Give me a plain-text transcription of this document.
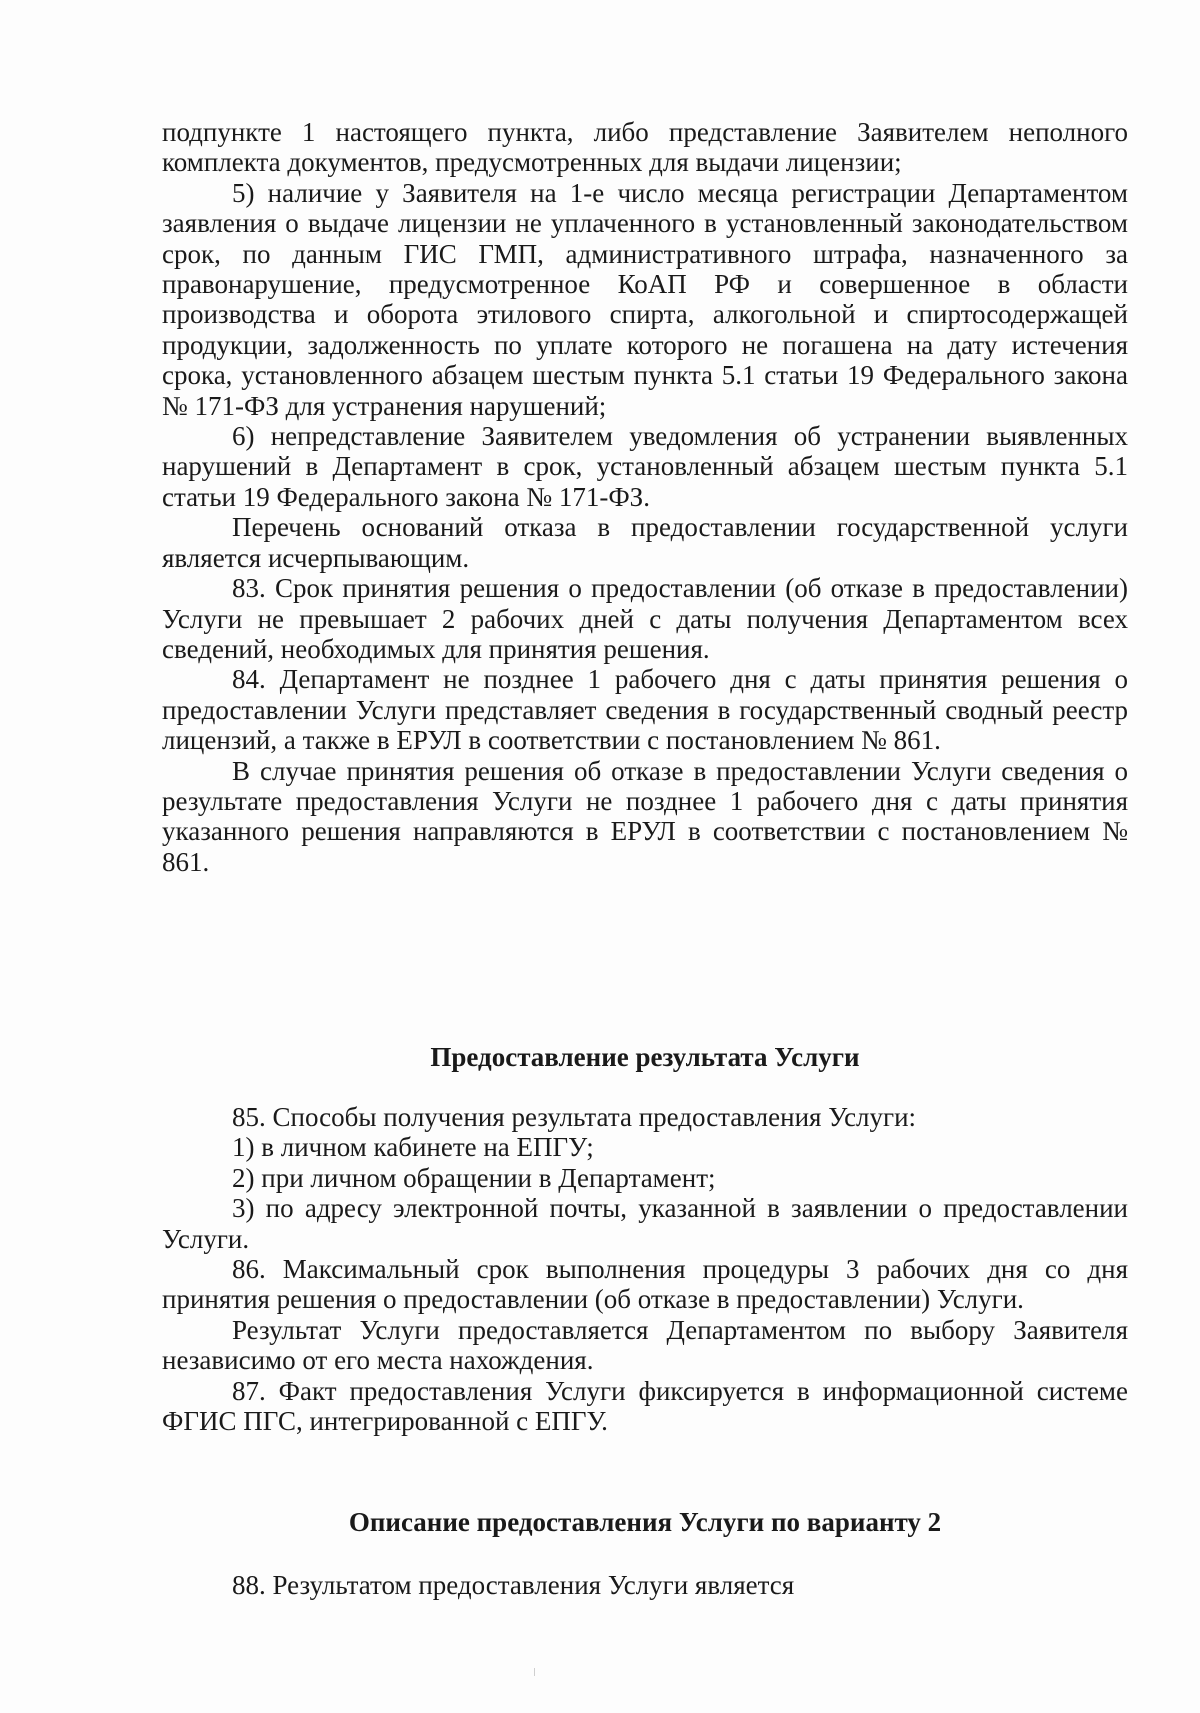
подпункте 1 настоящего пункта, либо представление Заявителем неполного комплекта документов, предусмотренных для выдачи лицензии;

5) наличие у Заявителя на 1-е число месяца регистрации Департаментом заявления о выдаче лицензии не уплаченного в установленный законодательством срок, по данным ГИС ГМП, административного штрафа, назначенного за правонарушение, предусмотренное КоАП РФ и совершенное в области производства и оборота этилового спирта, алкогольной и спиртосодержащей продукции, задолженность по уплате которого не погашена на дату истечения срока, установленного абзацем шестым пункта 5.1 статьи 19 Федерального закона № 171-ФЗ для устранения нарушений;

6) непредставление Заявителем уведомления об устранении выявленных нарушений в Департамент в срок, установленный абзацем шестым пункта 5.1 статьи 19 Федерального закона № 171-ФЗ.

Перечень оснований отказа в предоставлении государственной услуги является исчерпывающим.

83. Срок принятия решения о предоставлении (об отказе в предоставлении) Услуги не превышает 2 рабочих дней с даты получения Департаментом всех сведений, необходимых для принятия решения.

84. Департамент не позднее 1 рабочего дня с даты принятия решения о предоставлении Услуги представляет сведения в государственный сводный реестр лицензий, а также в ЕРУЛ в соответствии с постановлением № 861.

В случае принятия решения об отказе в предоставлении Услуги сведения о результате предоставления Услуги не позднее 1 рабочего дня с даты принятия указанного решения направляются в ЕРУЛ в соответствии с постановлением № 861.

Предоставление результата Услуги

85. Способы получения результата предоставления Услуги:

1) в личном кабинете на ЕПГУ;

2) при личном обращении в Департамент;

3) по адресу электронной почты, указанной в заявлении о предоставлении Услуги.

86. Максимальный срок выполнения процедуры 3 рабочих дня со дня принятия решения о предоставлении (об отказе в предоставлении) Услуги.

Результат Услуги предоставляется Департаментом по выбору Заявителя независимо от его места нахождения.

87. Факт предоставления Услуги фиксируется в информационной системе ФГИС ПГС, интегрированной с ЕПГУ.

Описание предоставления Услуги по варианту 2

88. Результатом предоставления Услуги является
